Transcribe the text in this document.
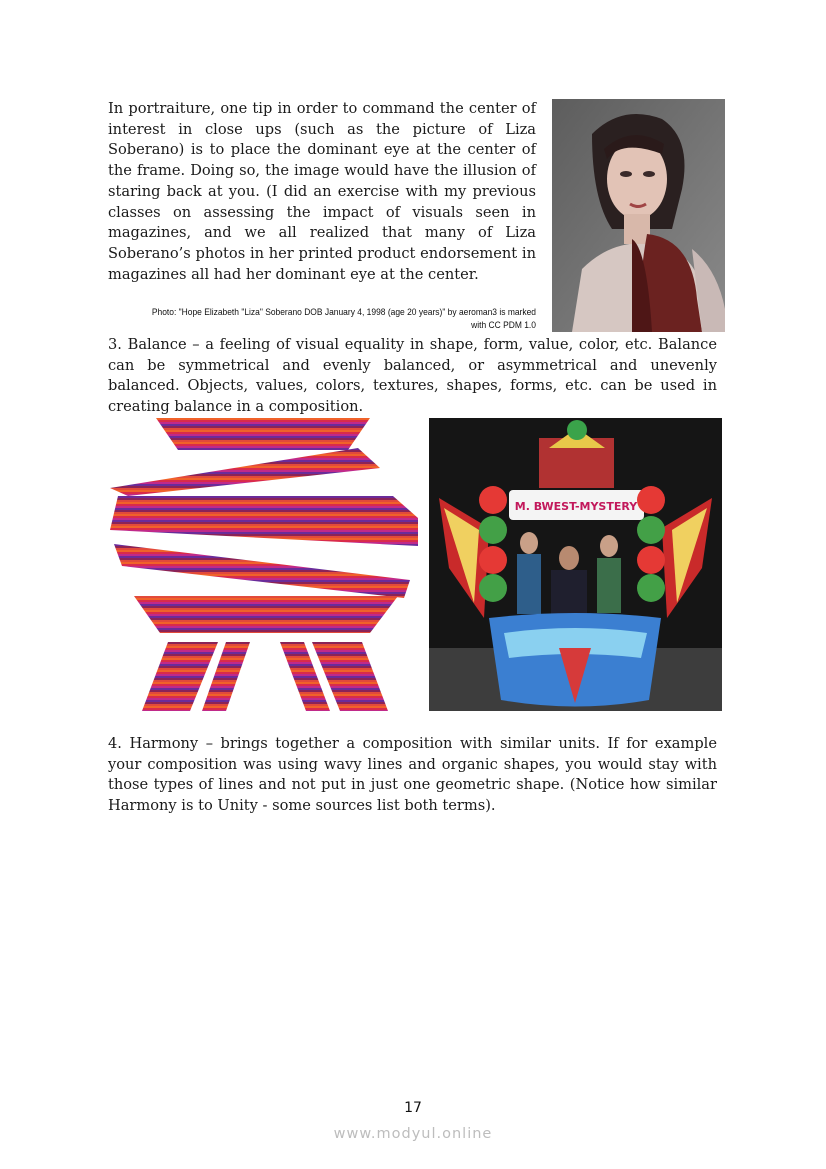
In portraiture, one tip in order to command the center of interest in close ups (such as the picture of Liza Soberano) is to place the dominant eye at the center of the frame. Doing so, the image would have the illusion of staring back at you. (I did an exercise with my previous classes on assessing the impact of visuals seen in magazines, and we all realized that many of Liza Soberano’s photos in her printed product endorsement in magazines all had her dominant eye at the center.

Photo: "Hope Elizabeth "Liza" Soberano DOB January 4, 1998 (age 20 years)" by aeroman3 is marked
with CC PDM 1.0

3. Balance – a feeling of visual equality in shape, form, value, color, etc. Balance can be symmetrical and evenly balanced, or asymmetrical and unevenly balanced. Objects, values, colors, textures, shapes, forms, etc. can be used in creating balance in a composition.

M. BWEST-MYSTERY

4. Harmony – brings together a composition with similar units. If for example your composition was using wavy lines and organic shapes, you would stay with those types of lines and not put in just one geometric shape. (Notice how similar Harmony is to Unity - some sources list both terms).

17
www.modyul.online
